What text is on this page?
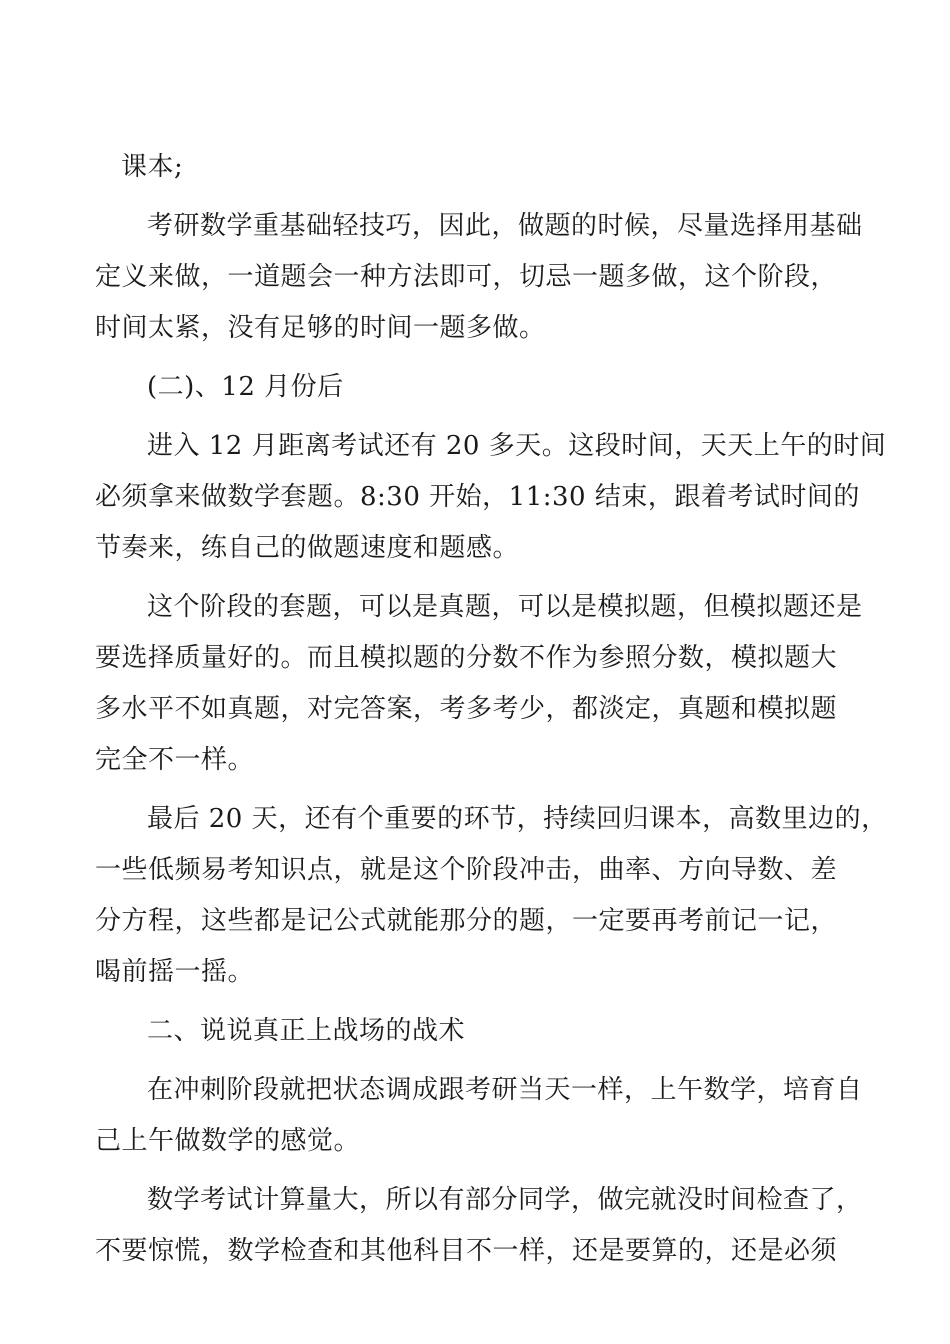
课本;

考研数学重基础轻技巧，因此，做题的时候，尽量选择用基础
定义来做，一道题会一种方法即可，切忌一题多做，这个阶段，
时间太紧，没有足够的时间一题多做。

(二)、12 月份后

进入 12 月距离考试还有 20 多天。这段时间，天天上午的时间
必须拿来做数学套题。8:30 开始，11:30 结束，跟着考试时间的
节奏来，练自己的做题速度和题感。

这个阶段的套题，可以是真题，可以是模拟题，但模拟题还是
要选择质量好的。而且模拟题的分数不作为参照分数，模拟题大
多水平不如真题，对完答案，考多考少，都淡定，真题和模拟题
完全不一样。

最后 20 天，还有个重要的环节，持续回归课本，高数里边的，
一些低频易考知识点，就是这个阶段冲击，曲率、方向导数、差
分方程，这些都是记公式就能那分的题，一定要再考前记一记，
喝前摇一摇。

二、说说真正上战场的战术

在冲刺阶段就把状态调成跟考研当天一样，上午数学，培育自
己上午做数学的感觉。

数学考试计算量大，所以有部分同学，做完就没时间检查了，
不要惊慌，数学检查和其他科目不一样，还是要算的，还是必须
